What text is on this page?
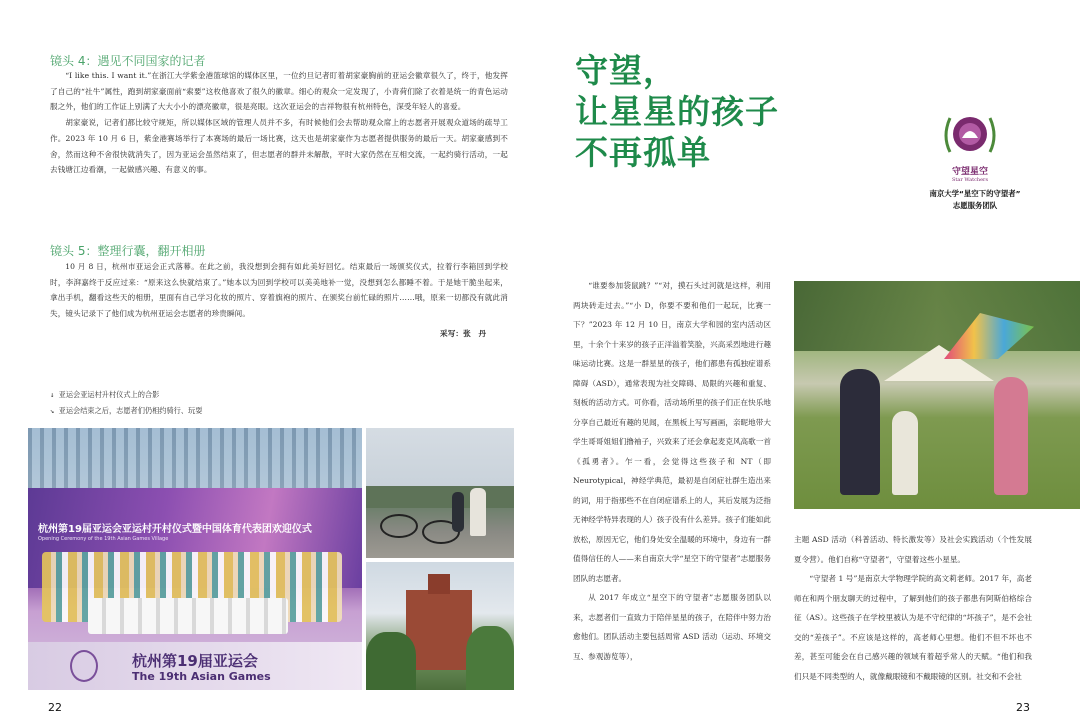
镜头 4：遇见不同国家的记者

“I like this. I want it.”在浙江大学紫金港篮球馆的媒体区里，一位约旦记者盯着胡家豪胸前的亚运会徽章很久了，终于，他发挥了自己的“社牛”属性，跑到胡家豪面前“索要”这枚他喜欢了很久的徽章。细心的观众一定发现了，小青荷们除了衣着是统一的青色运动服之外，他们的工作证上别满了大大小小的漂亮徽章，很是亮眼。这次亚运会的吉祥物很有杭州特色，深受年轻人的喜爱。

胡家豪说，记者们都比较守规矩，所以媒体区域的管理人员并不多，有时候他们会去帮助观众席上的志愿者开展观众道场的疏导工作。2023 年 10 月 6 日，紫金港赛场举行了本赛场的最后一场比赛，这天也是胡家豪作为志愿者提供服务的最后一天。胡家豪感到不舍，然而这种不舍很快就消失了，因为亚运会虽然结束了，但志愿者的群并未解散，平时大家仍然在互相交流，一起约骑行活动，一起去钱塘江边看潮，一起做感兴趣、有意义的事。

镜头 5：整理行囊，翻开相册

10 月 8 日，杭州市亚运会正式落幕。在此之前，我没想到会拥有如此美好回忆。结束最后一场颁奖仪式，拉着行李箱回到学校时，李湃嘉终于反应过来：“原来这么快就结束了。”她本以为回到学校可以美美地补一觉，没想到怎么都睡不着。于是她干脆坐起来，拿出手机，翻看这些天的相册，里面有自己学习化妆的照片、穿着旗袍的照片、在颁奖台前忙碌的照片……哦，原来一切都没有就此消失，镜头记录下了他们成为杭州亚运会志愿者的珍贵瞬间。

采写：张　丹
↓ 亚运会亚运村升村仪式上的合影
↘ 亚运会结束之后，志愿者们仍相约骑行、玩耍
杭州第19届亚运会亚运村开村仪式暨中国体育代表团欢迎仪式
Opening Ceremony of the 19th Asian Games Village
杭州第19届亚运会
The 19th Asian Games
22
守望，
让星星的孩子
不再孤单	守望星空
Star Watchers
南京大学“星空下的守望者”
志愿服务团队

“谁要参加袋鼠跳？”“对，摸石头过河就是这样，利用两块砖走过去。”“小 D，你要不要和他们一起玩，比赛一下？”2023 年 12 月 10 日，南京大学和园的室内活动区里，十余个十来岁的孩子正洋溢着笑脸，兴高采烈地进行趣味运动比赛。这是一群星星的孩子，他们都患有孤独症谱系障碍（ASD），通常表现为社交障碍、局限的兴趣和重复、刻板的活动方式。可你看，活动场所里的孩子们正在快乐地分享自己最近有趣的见闻，在黑板上写写画画，亲昵地带大学生哥哥姐姐们撸袖子，兴致来了还会拿起麦克风高歌一首《孤勇者》。乍一看，会觉得这些孩子和 NT（即 Neurotypical，神经学典范，最初是自闭症社群生造出来的词，用于指那些不在自闭症谱系上的人，其后发展为泛指无神经学特异表现的人）孩子没有什么差异。孩子们能如此放松，原因无它，他们身处安全温暖的环境中，身边有一群值得信任的人——来自南京大学“星空下的守望者”志愿服务团队的志愿者。

从 2017 年成立“星空下的守望者”志愿服务团队以来，志愿者们一直致力于陪伴星星的孩子，在陪伴中努力治愈他们。团队活动主要包括周常 ASD 活动（运动、环境交互、参观游览等），

主题 ASD 活动（科普活动、特长激发等）及社会实践活动（个性发展夏令营）。他们自称“守望者”，守望着这些小星星。

“守望者 1 号”是南京大学物理学院的高文莉老师。2017 年，高老师在和两个朋友聊天的过程中，了解到他们的孩子都患有阿斯伯格综合征（AS）。这些孩子在学校里被认为是不守纪律的“坏孩子”，是不会社交的“差孩子”。不应该是这样的，高老师心里想。他们不但不坏也不差，甚至可能会在自己感兴趣的领域有着超乎常人的天赋。“他们和我们只是不同类型的人，就像戴眼镜和不戴眼镜的区别。社交和不会社

23
